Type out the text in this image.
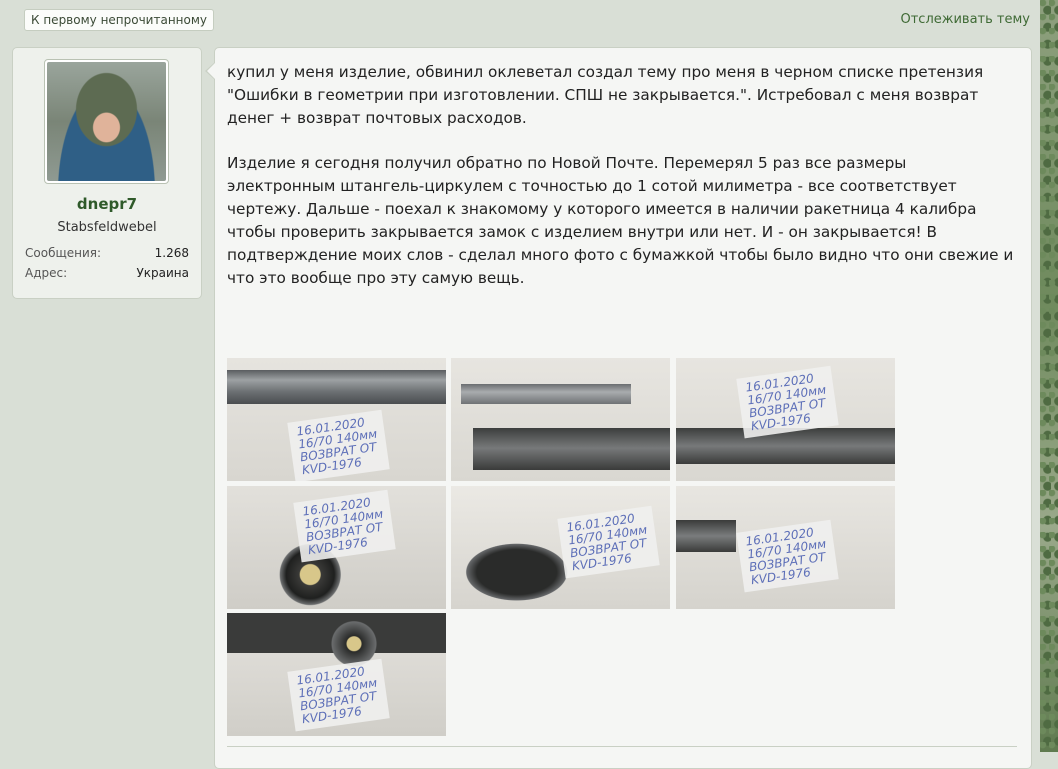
К первому непрочитанному	Отслеживать тему
dnepr7
Stabsfeldwebel
Сообщения:	1.268
Адрес:	Украина

купил у меня изделие, обвинил оклеветал создал тему про меня в черном списке претензия "Ошибки в геометрии при изготовлении. СПШ не закрывается.". Истребовал с меня возврат денег + возврат почтовых расходов.

Изделие я сегодня получил обратно по Новой Почте. Перемерял 5 раз все размеры электронным штангель-циркулем с точностью до 1 сотой милиметра - все соответствует чертежу. Дальше - поехал к знакомому у которого имеется в наличии ракетница 4 калибра чтобы проверить закрывается замок с изделием внутри или нет. И - он закрывается! В подтверждение моих слов - сделал много фото с бумажкой чтобы было видно что они свежие и что это вообще про эту самую вещь.

16.01.2020
16/70 140мм
ВОЗВРАТ ОТ
KVD-1976
16.01.2020
16/70 140мм
ВОЗВРАТ ОТ
KVD-1976
16.01.2020
16/70 140мм
ВОЗВРАТ ОТ
KVD-1976
16.01.2020
16/70 140мм
ВОЗВРАТ ОТ
KVD-1976
16.01.2020
16/70 140мм
ВОЗВРАТ ОТ
KVD-1976
16.01.2020
16/70 140мм
ВОЗВРАТ ОТ
KVD-1976
